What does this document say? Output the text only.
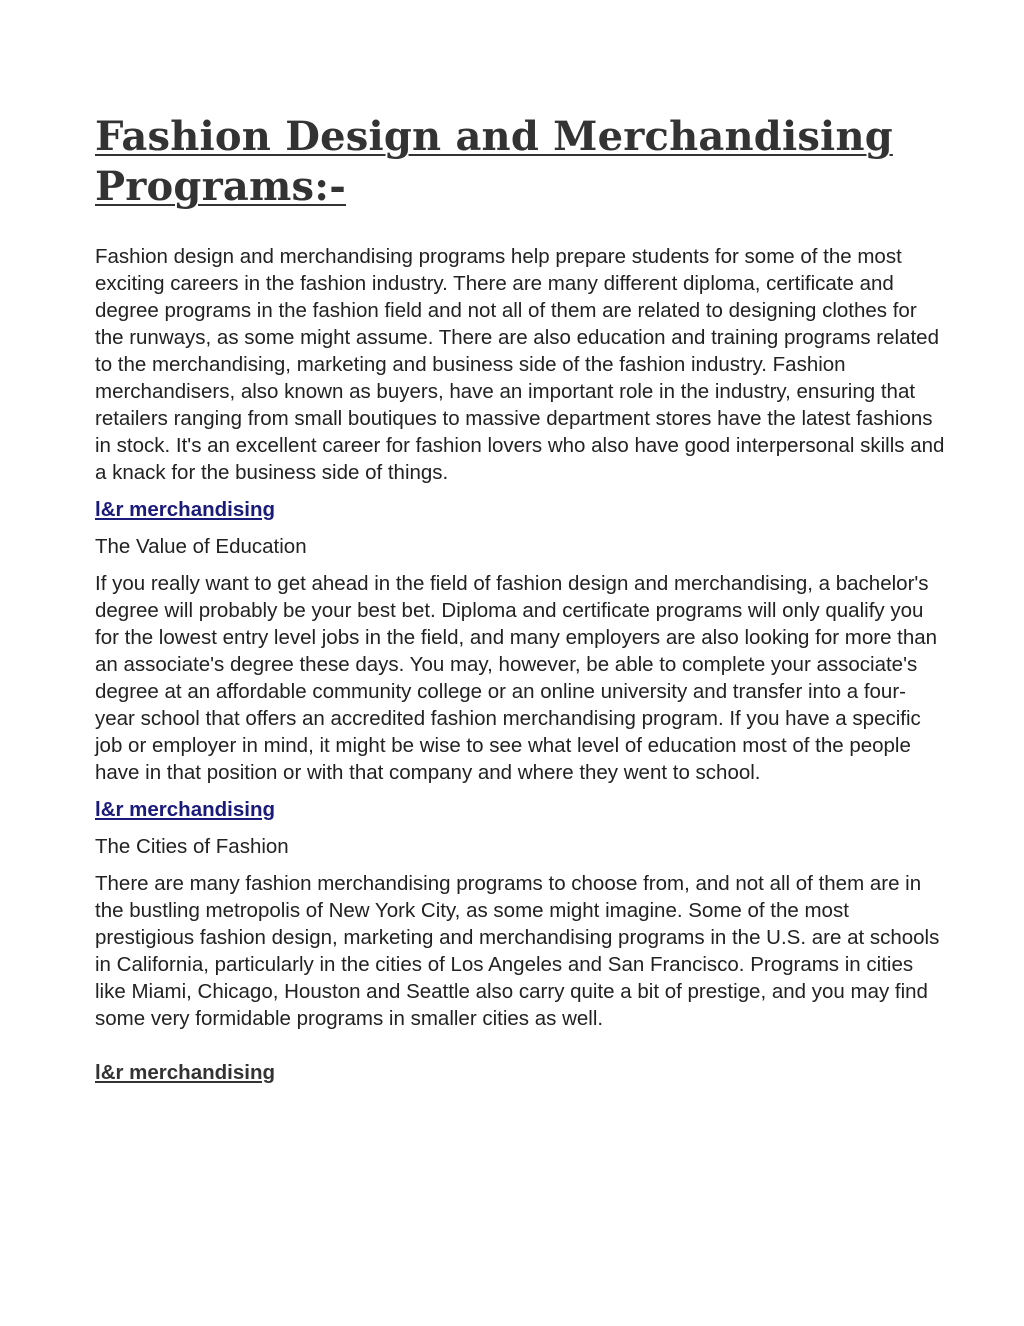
Fashion Design and Merchandising
Programs:-

Fashion design and merchandising programs help prepare students for some of the most exciting careers in the fashion industry. There are many different diploma, certificate and degree programs in the fashion field and not all of them are related to designing clothes for the runways, as some might assume. There are also education and training programs related to the merchandising, marketing and business side of the fashion industry. Fashion merchandisers, also known as buyers, have an important role in the industry, ensuring that retailers ranging from small boutiques to massive department stores have the latest fashions in stock. It's an excellent career for fashion lovers who also have good interpersonal skills and a knack for the business side of things.

l&r merchandising

The Value of Education

If you really want to get ahead in the field of fashion design and merchandising, a bachelor's degree will probably be your best bet. Diploma and certificate programs will only qualify you for the lowest entry level jobs in the field, and many employers are also looking for more than an associate's degree these days. You may, however, be able to complete your associate's degree at an affordable community college or an online university and transfer into a four-year school that offers an accredited fashion merchandising program. If you have a specific job or employer in mind, it might be wise to see what level of education most of the people have in that position or with that company and where they went to school.

l&r merchandising

The Cities of Fashion

There are many fashion merchandising programs to choose from, and not all of them are in the bustling metropolis of New York City, as some might imagine. Some of the most prestigious fashion design, marketing and merchandising programs in the U.S. are at schools in California, particularly in the cities of Los Angeles and San Francisco. Programs in cities like Miami, Chicago, Houston and Seattle also carry quite a bit of prestige, and you may find some very formidable programs in smaller cities as well.

l&r merchandising
